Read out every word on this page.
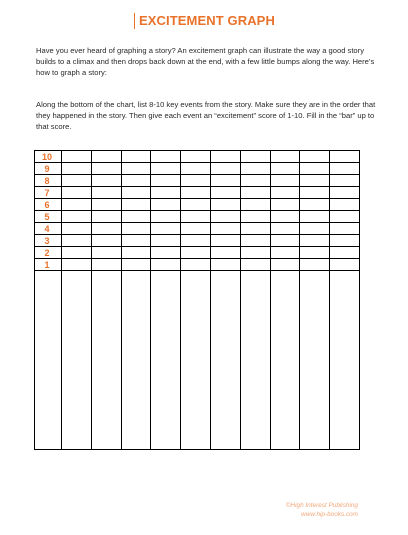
EXCITEMENT GRAPH
Have you ever heard of graphing a story? An excitement graph can illustrate the way a good story builds to a climax and then drops back down at the end, with a few little bumps along the way. Here’s how to graph a story:
Along the bottom of the chart, list 8-10 key events from the story. Make sure they are in the order that they happened in the story. Then give each event an “excitement” score of 1-10. Fill in the “bar” up to that score.
10
9
8
7
6
5
4
3
2
1
©High Interest Publishing
www.hip-books.com
